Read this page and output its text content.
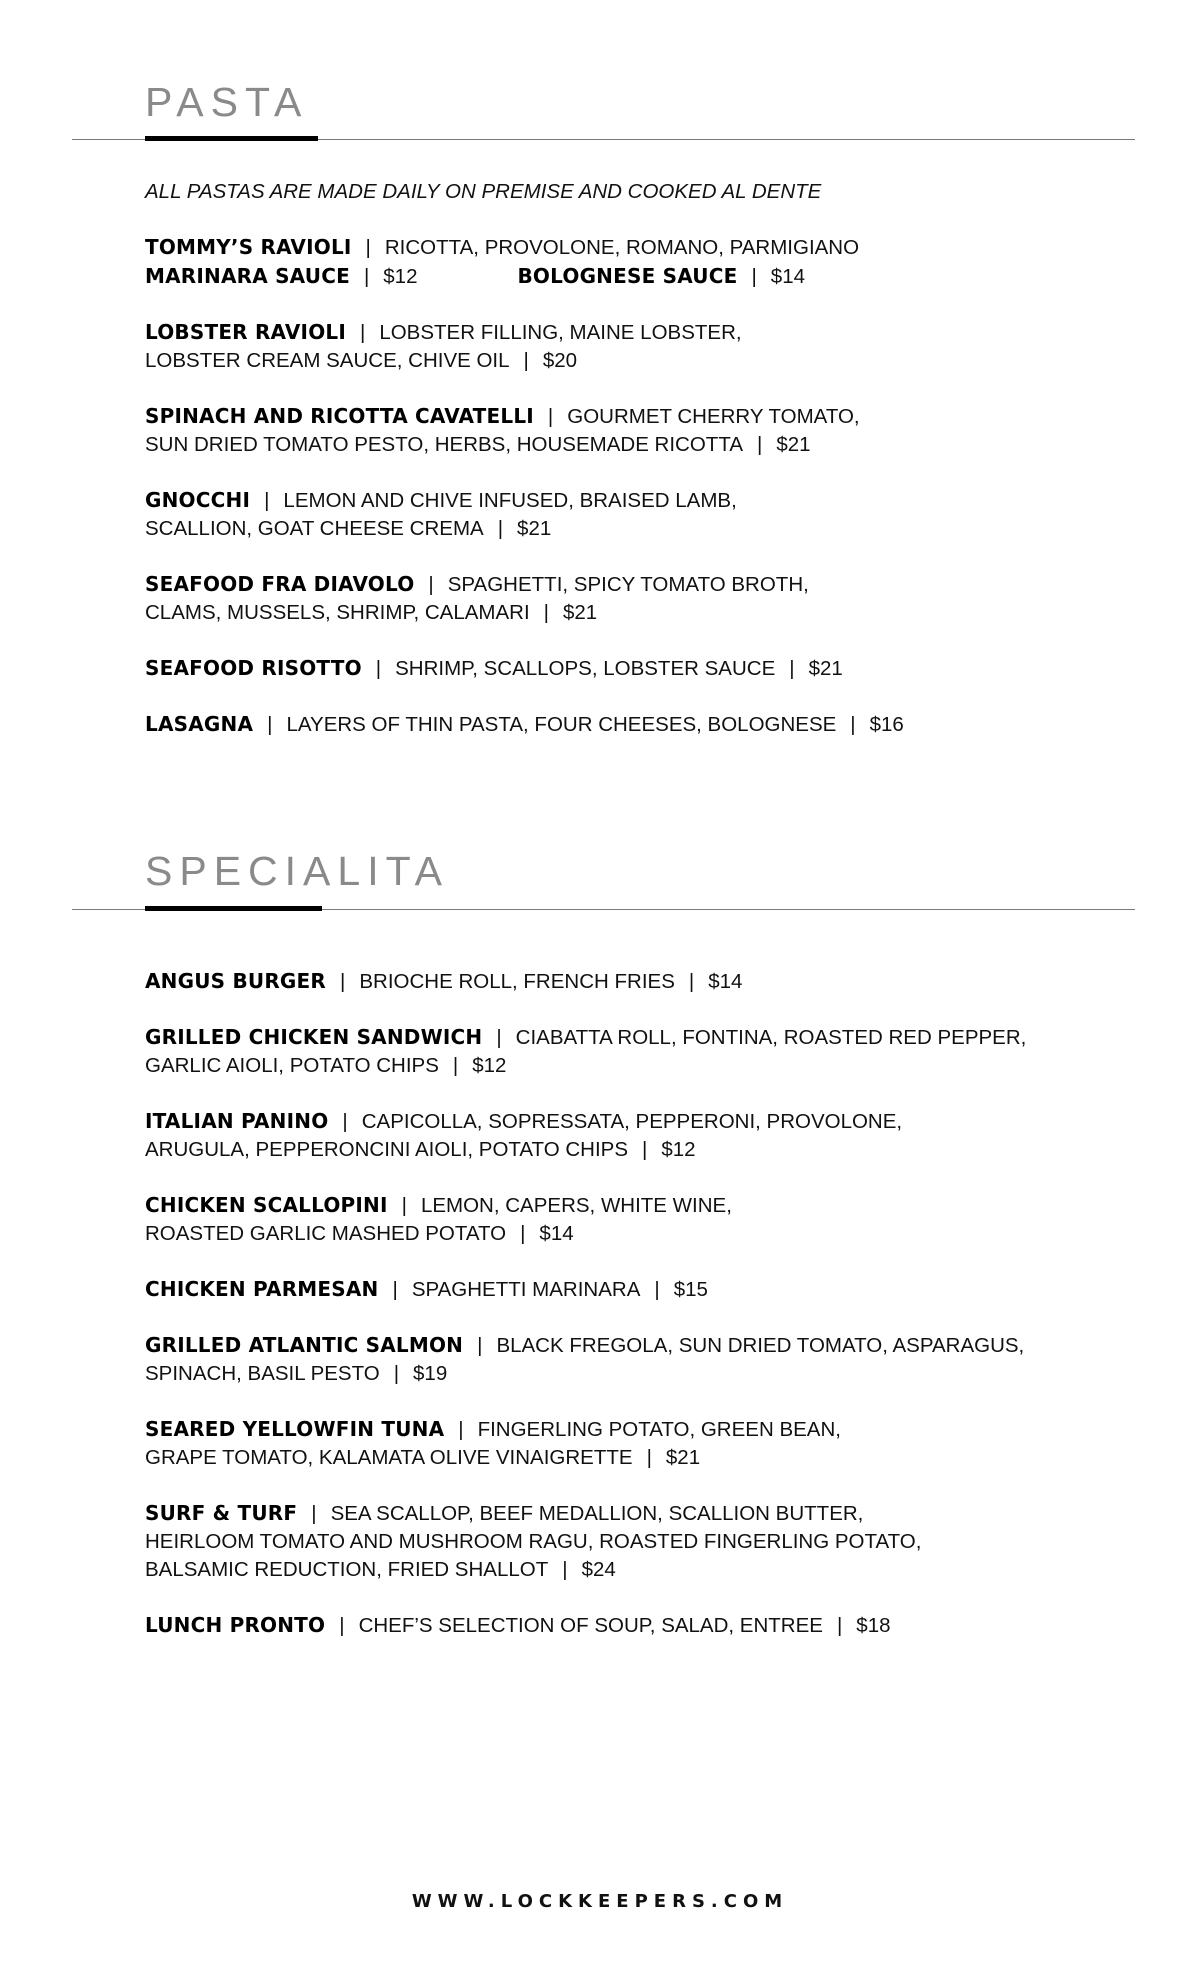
PASTA

ALL PASTAS ARE MADE DAILY ON PREMISE AND COOKED AL DENTE

TOMMY’S RAVIOLI | RICOTTA, PROVOLONE, ROMANO, PARMIGIANO
MARINARA SAUCE | $12	BOLOGNESE SAUCE | $14
LOBSTER RAVIOLI | LOBSTER FILLING, MAINE LOBSTER,
LOBSTER CREAM SAUCE, CHIVE OIL | $20
SPINACH AND RICOTTA CAVATELLI | GOURMET CHERRY TOMATO,
SUN DRIED TOMATO PESTO, HERBS, HOUSEMADE RICOTTA | $21
GNOCCHI | LEMON AND CHIVE INFUSED, BRAISED LAMB,
SCALLION, GOAT CHEESE CREMA | $21
SEAFOOD FRA DIAVOLO | SPAGHETTI, SPICY TOMATO BROTH,
CLAMS, MUSSELS, SHRIMP, CALAMARI | $21
SEAFOOD RISOTTO | SHRIMP, SCALLOPS, LOBSTER SAUCE | $21
LASAGNA | LAYERS OF THIN PASTA, FOUR CHEESES, BOLOGNESE | $16
SPECIALITA
ANGUS BURGER | BRIOCHE ROLL, FRENCH FRIES | $14
GRILLED CHICKEN SANDWICH | CIABATTA ROLL, FONTINA, ROASTED RED PEPPER,
GARLIC AIOLI, POTATO CHIPS | $12
ITALIAN PANINO | CAPICOLLA, SOPRESSATA, PEPPERONI, PROVOLONE,
ARUGULA, PEPPERONCINI AIOLI, POTATO CHIPS | $12
CHICKEN SCALLOPINI | LEMON, CAPERS, WHITE WINE,
ROASTED GARLIC MASHED POTATO | $14
CHICKEN PARMESAN | SPAGHETTI MARINARA | $15
GRILLED ATLANTIC SALMON | BLACK FREGOLA, SUN DRIED TOMATO, ASPARAGUS,
SPINACH, BASIL PESTO | $19
SEARED YELLOWFIN TUNA | FINGERLING POTATO, GREEN BEAN,
GRAPE TOMATO, KALAMATA OLIVE VINAIGRETTE | $21
SURF & TURF | SEA SCALLOP, BEEF MEDALLION, SCALLION BUTTER,
HEIRLOOM TOMATO AND MUSHROOM RAGU, ROASTED FINGERLING POTATO,
BALSAMIC REDUCTION, FRIED SHALLOT | $24
LUNCH PRONTO | CHEF’S SELECTION OF SOUP, SALAD, ENTREE | $18
WWW.LOCKKEEPERS.COM
